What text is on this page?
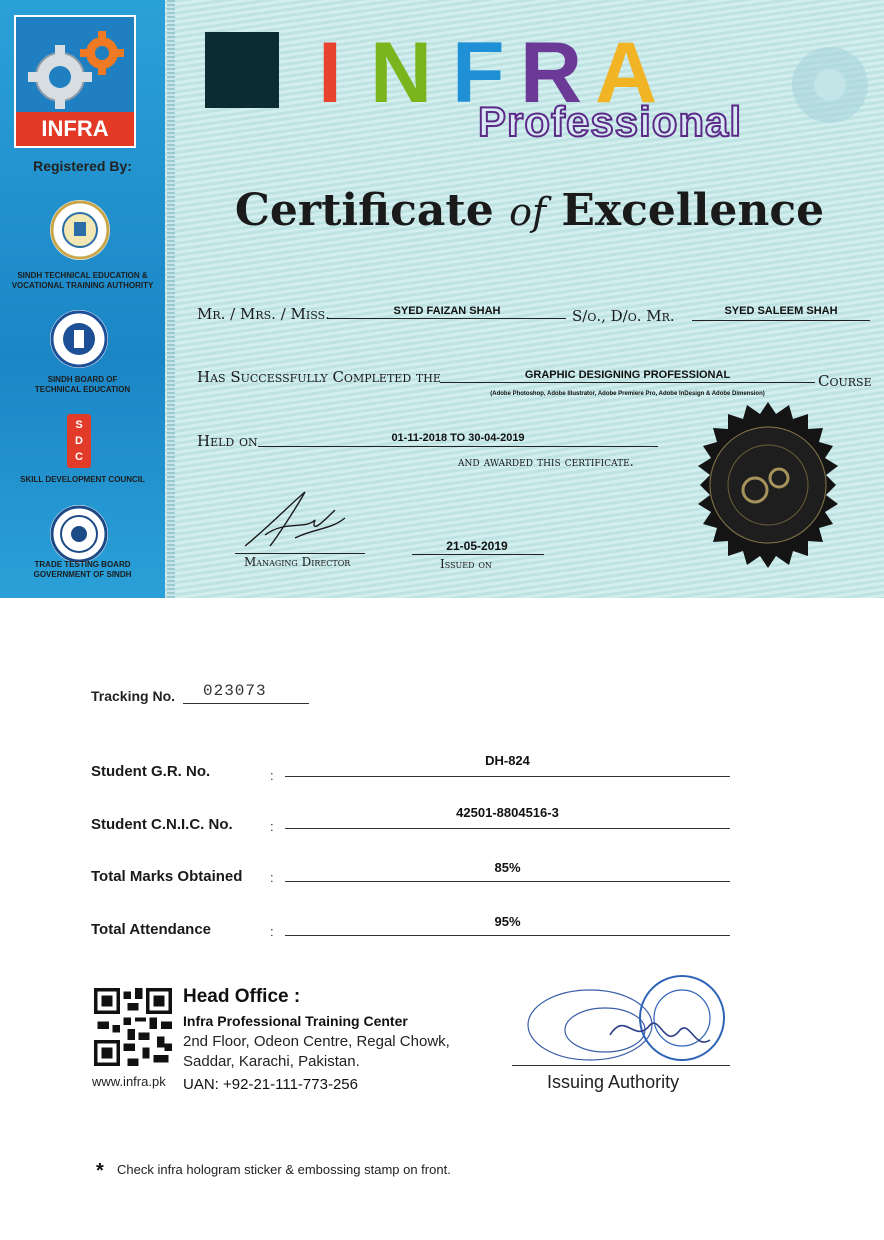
INFRA
Registered By:
SINDH TECHNICAL EDUCATION &
VOCATIONAL TRAINING AUTHORITY
SINDH BOARD OF
TECHNICAL EDUCATION
S
D
C
SKILL DEVELOPMENT COUNCIL
TRADE TESTING BOARD
GOVERNMENT OF SINDH
I N F R A
Professional
Certificate of Excellence
Mr. / Mrs. / Miss.	SYED FAIZAN SHAH	S/o., D/o. Mr.	SYED SALEEM SHAH
Has Successfully Completed the	GRAPHIC DESIGNING PROFESSIONAL	Course
(Adobe Photoshop, Adobe Illustrator, Adobe Premiere Pro, Adobe InDesign & Adobe Dimension)
Held on	01-11-2018 TO 30-04-2019
and awarded this certificate.
Managing Director
21-05-2019
Issued on
Tracking No. 023073
Student G.R. No.	:
DH-824
Student C.N.I.C. No.	:
42501-8804516-3
Total Marks Obtained :
85%
Total Attendance	:
95%
www.infra.pk
Head Office :
Infra Professional Training Center
2nd Floor, Odeon Centre, Regal Chowk,
Saddar, Karachi, Pakistan.
UAN: +92-21-111-773-256	Issuing Authority
* Check infra hologram sticker & embossing stamp on front.
